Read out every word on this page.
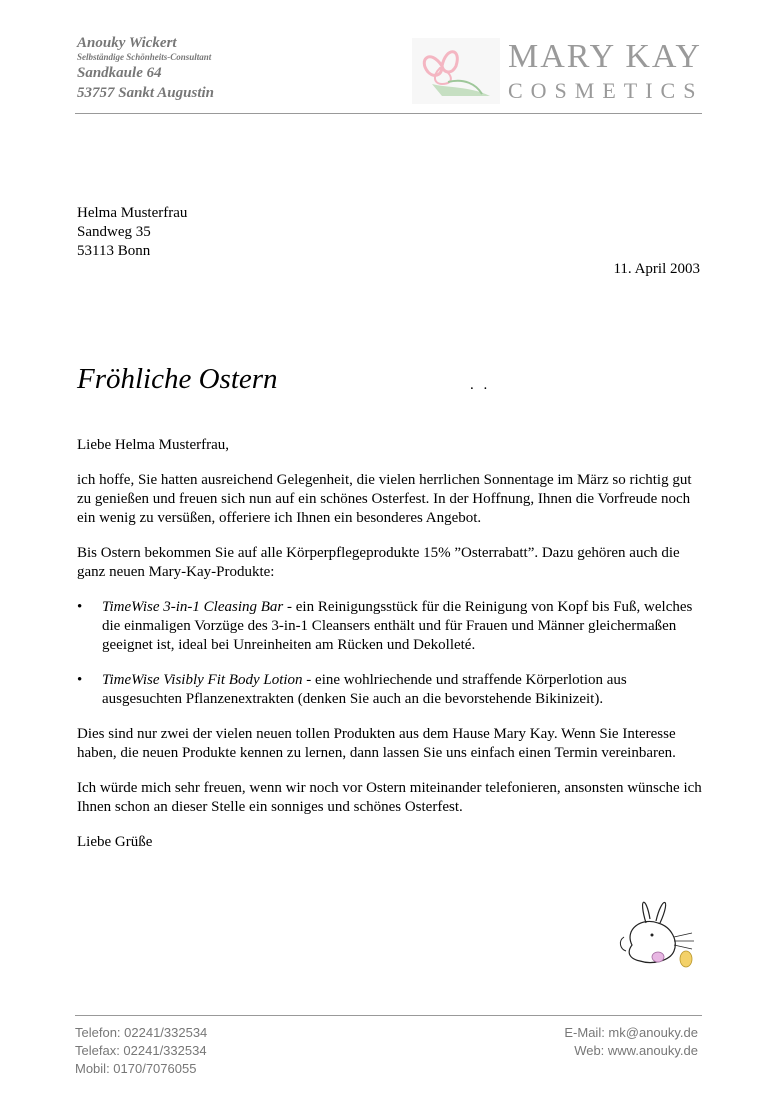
Anouky Wickert
Selbständige Schönheits-Consultant
Sandkaule 64
53757 Sankt Augustin
MARY KAY
COSMETICS
Helma Musterfrau
Sandweg 35
53113 Bonn
11. April 2003
Fröhliche Ostern	. .

Liebe Helma Musterfrau,

ich hoffe, Sie hatten ausreichend Gelegenheit, die vielen herrlichen Sonnentage im März so richtig gut zu genießen und freuen sich nun auf ein schönes Osterfest. In der Hoffnung, Ihnen die Vorfreude noch ein wenig zu versüßen, offeriere ich Ihnen ein besonderes Angebot.

Bis Ostern bekommen Sie auf alle Körperpflegeprodukte 15% ”Osterrabatt”. Dazu gehören auch die ganz neuen Mary-Kay-Produkte:

• TimeWise 3-in-1 Cleasing Bar - ein Reinigungsstück für die Reinigung von Kopf bis Fuß, welches die einmaligen Vorzüge des 3-in-1 Cleansers enthält und für Frauen und Männer gleichermaßen geeignet ist, ideal bei Unreinheiten am Rücken und Dekolleté.
• TimeWise Visibly Fit Body Lotion - eine wohlriechende und straffende Körperlotion aus ausgesuchten Pflanzenextrakten (denken Sie auch an die bevorstehende Bikinizeit).

Dies sind nur zwei der vielen neuen tollen Produkten aus dem Hause Mary Kay. Wenn Sie Interesse haben, die neuen Produkte kennen zu lernen, dann lassen Sie uns einfach einen Termin vereinbaren.

Ich würde mich sehr freuen, wenn wir noch vor Ostern miteinander telefonieren, ansonsten wünsche ich Ihnen schon an dieser Stelle ein sonniges und schönes Osterfest.

Liebe Grüße

Telefon: 02241/332534
Telefax: 02241/332534
Mobil: 0170/7076055
E-Mail: mk@anouky.de
Web: www.anouky.de
